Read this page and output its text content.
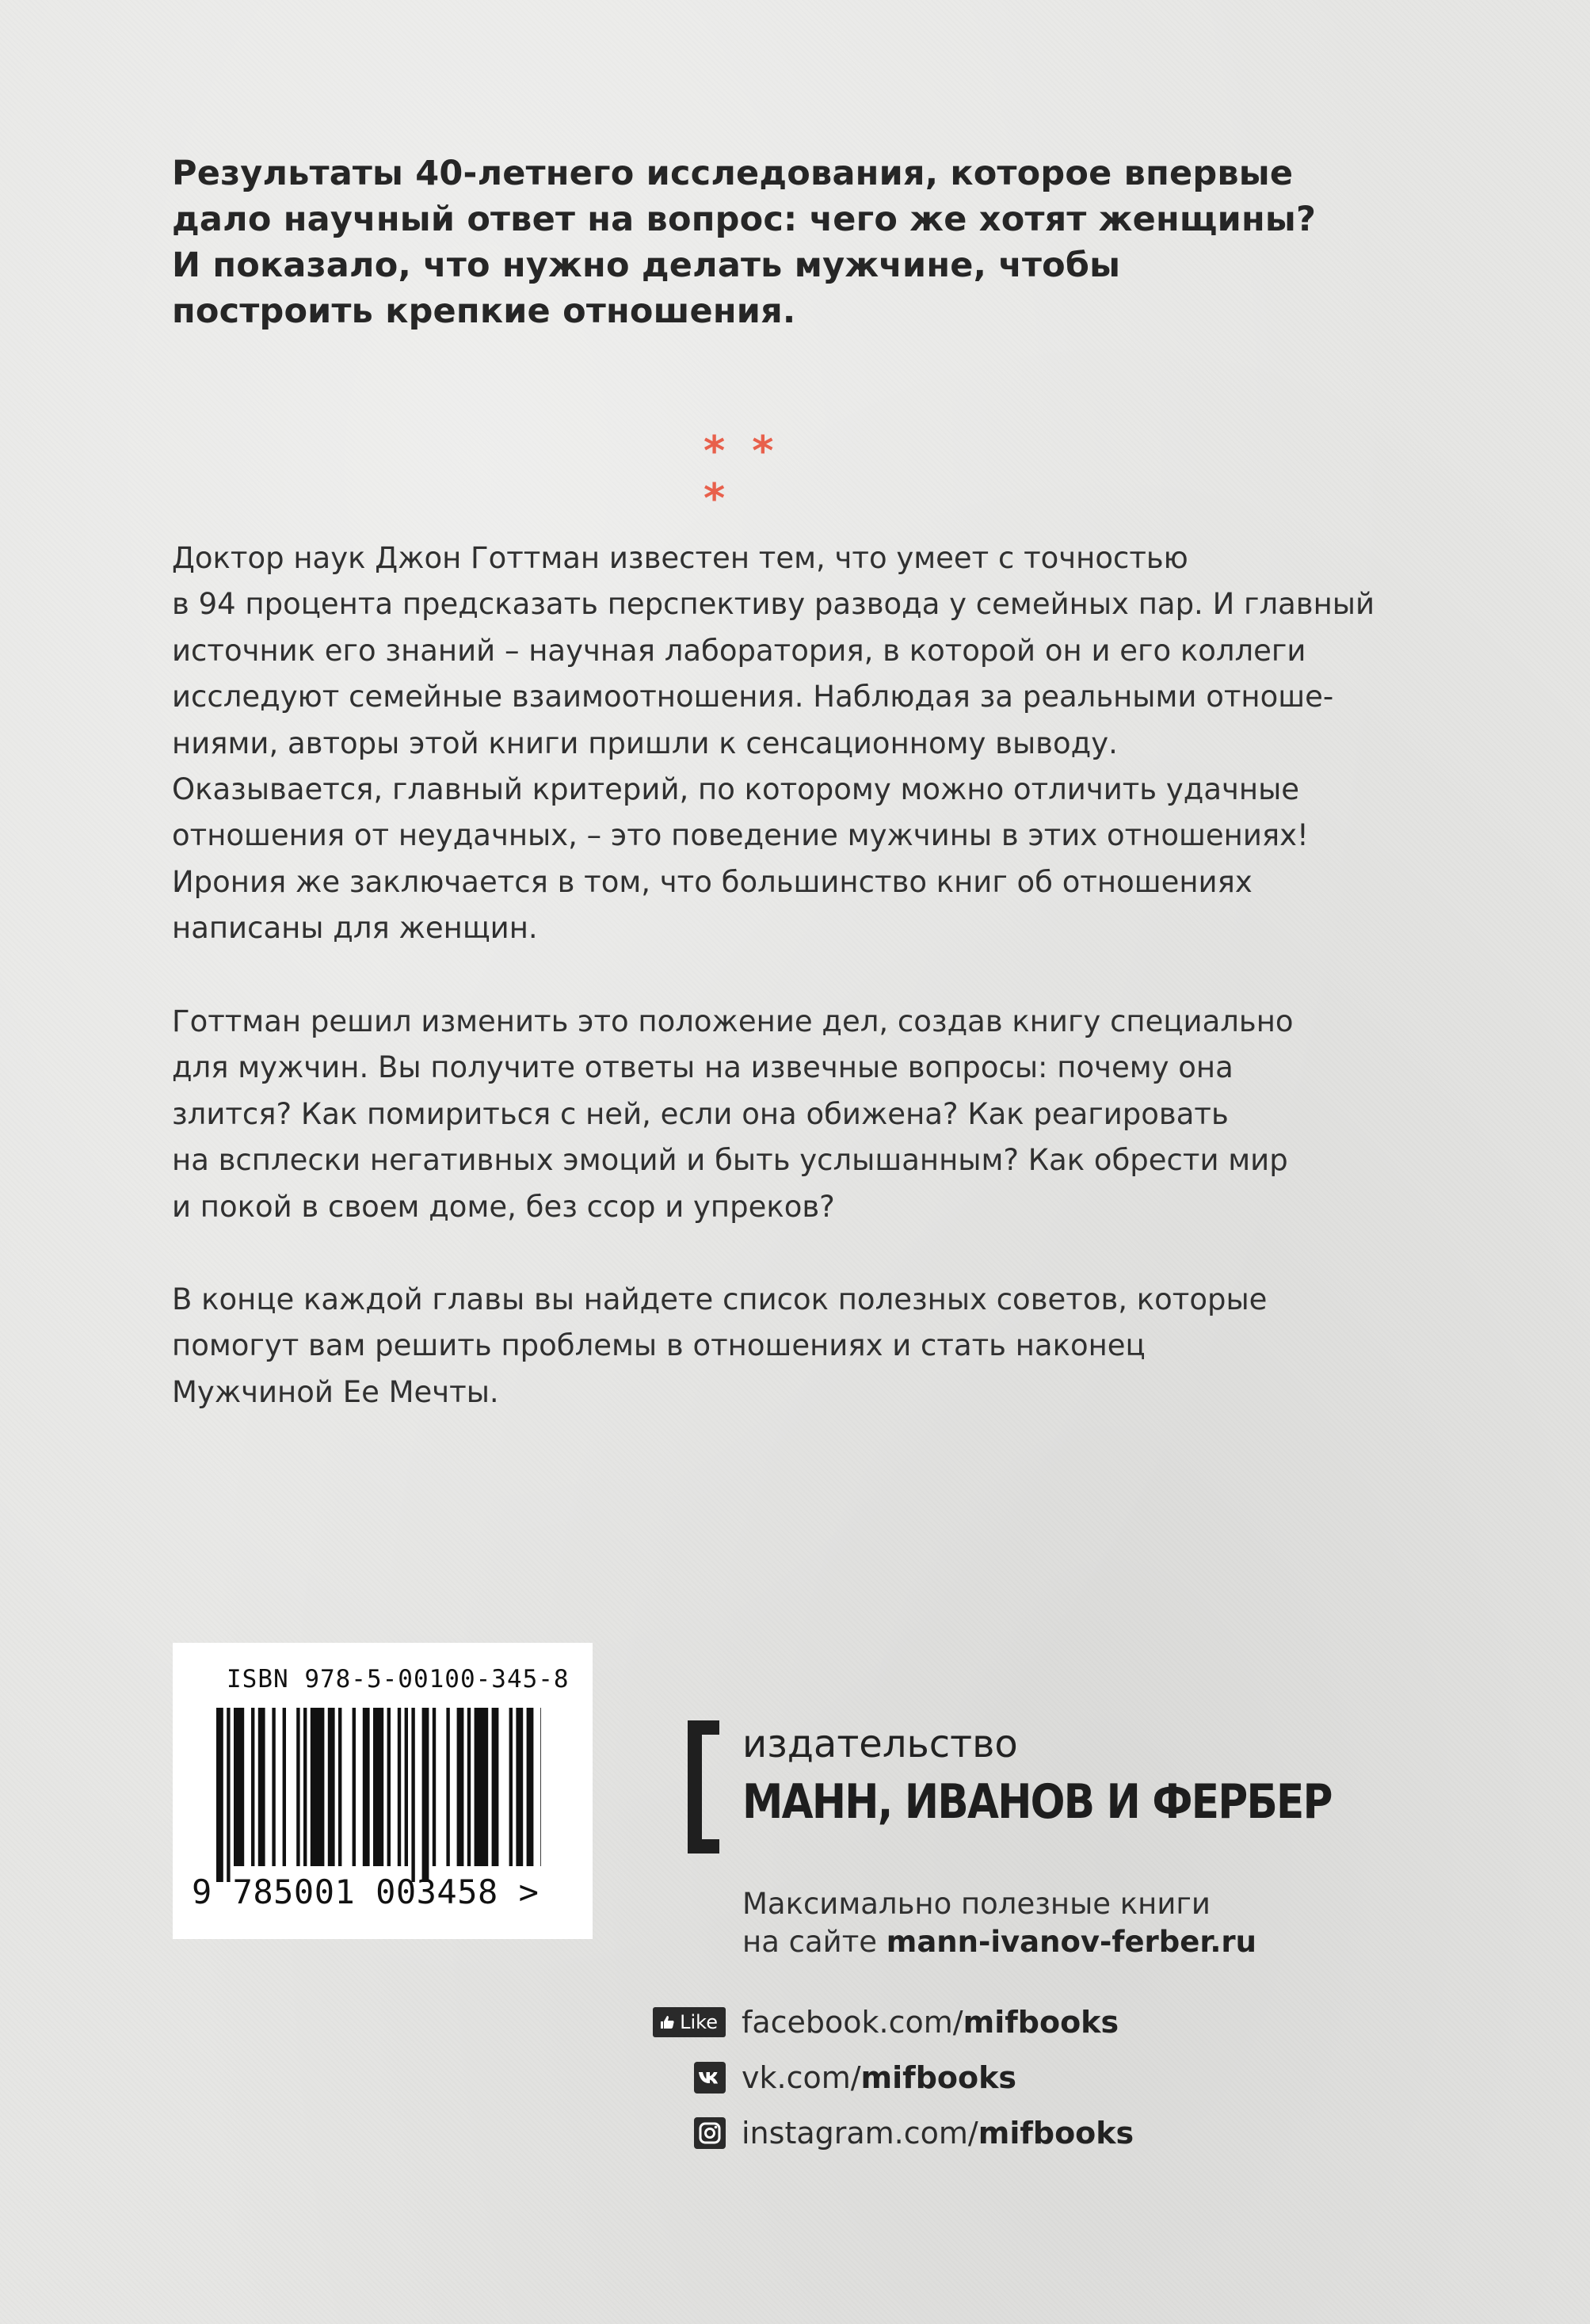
Результаты 40-летнего исследования, которое впервые
дало научный ответ на вопрос: чего же хотят женщины?
И показало, что нужно делать мужчине, чтобы
построить крепкие отношения.
* * *
Доктор наук Джон Готтман известен тем, что умеет с точностью
в 94 процента предсказать перспективу развода у семейных пар. И главный
источник его знаний – научная лаборатория, в которой он и его коллеги
исследуют семейные взаимоотношения. Наблюдая за реальными отноше-
ниями, авторы этой книги пришли к сенсационному выводу.
Оказывается, главный критерий, по которому можно отличить удачные
отношения от неудачных, – это поведение мужчины в этих отношениях!
Ирония же заключается в том, что большинство книг об отношениях
написаны для женщин.
Готтман решил изменить это положение дел, создав книгу специально
для мужчин. Вы получите ответы на извечные вопросы: почему она
злится? Как помириться с ней, если она обижена? Как реагировать
на всплески негативных эмоций и быть услышанным? Как обрести мир
и покой в своем доме, без ссор и упреков?
В конце каждой главы вы найдете список полезных советов, которые
помогут вам решить проблемы в отношениях и стать наконец
Мужчиной Ее Мечты.
ISBN 978-5-00100-345-8
9 785001 003458 >
издательство
МАНН, ИВАНОВ И ФЕРБЕР
Максимально полезные книги
на сайте mann-ivanov-ferber.ru
Like facebook.com/mifbooks
vk.com/mifbooks
instagram.com/mifbooks
